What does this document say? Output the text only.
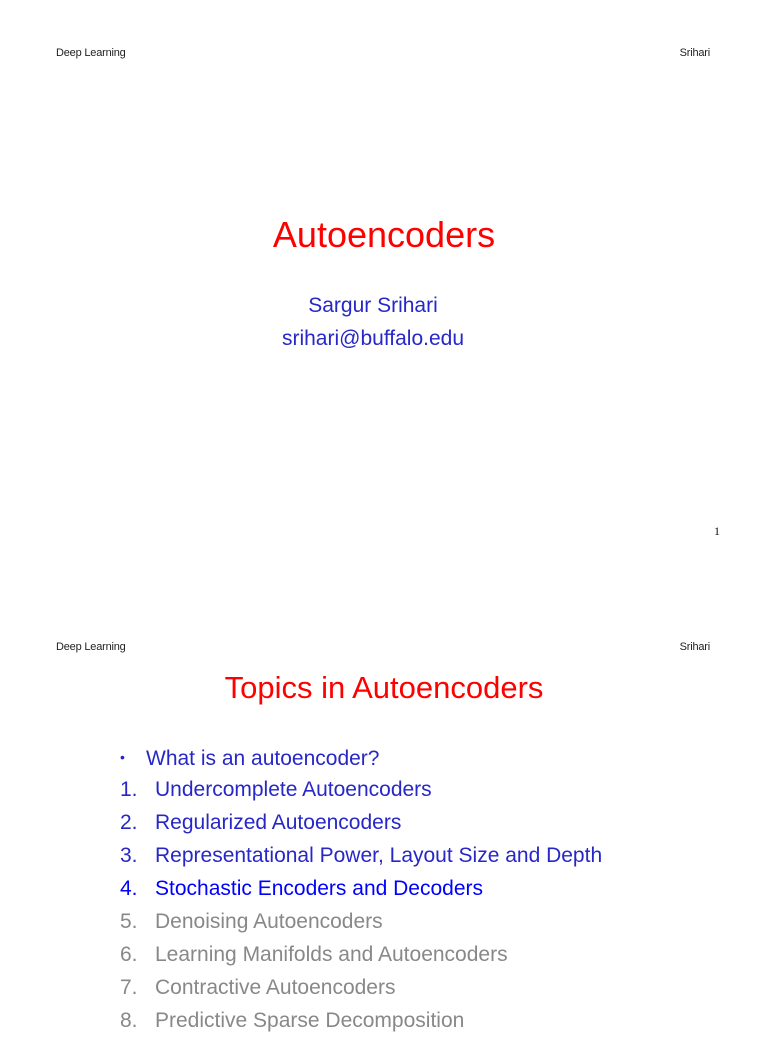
Deep Learning	Srihari
Autoencoders
Sargur Srihari
srihari@buffalo.edu
1
Deep Learning	Srihari
Topics in Autoencoders
• What is an autoencoder?
1. Undercomplete Autoencoders
2. Regularized Autoencoders
3. Representational Power, Layout Size and Depth
4. Stochastic Encoders and Decoders
5. Denoising Autoencoders
6. Learning Manifolds and Autoencoders
7. Contractive Autoencoders
8. Predictive Sparse Decomposition
